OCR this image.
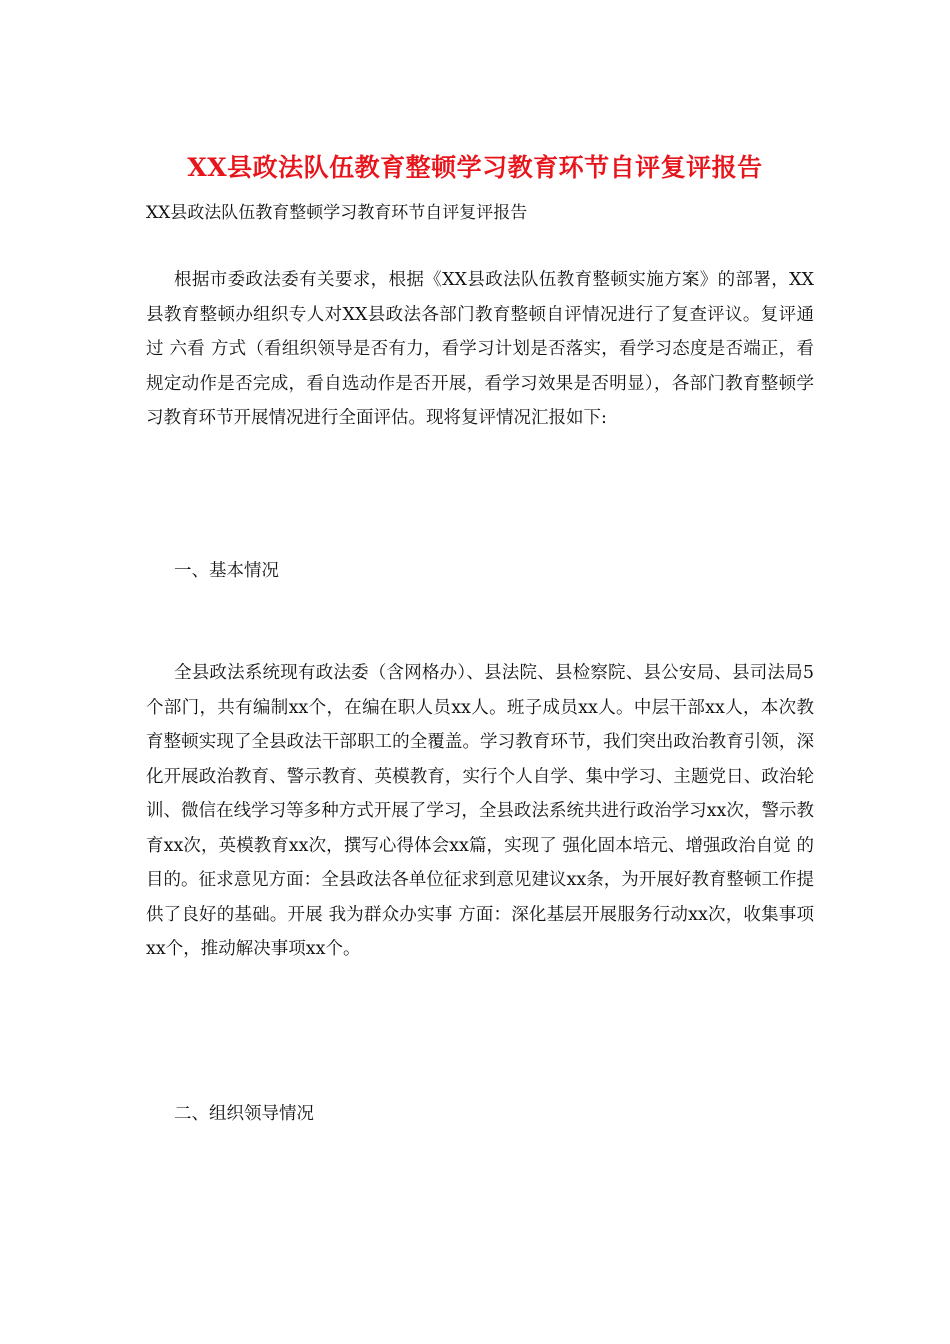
XX县政法队伍教育整顿学习教育环节自评复评报告
XX县政法队伍教育整顿学习教育环节自评复评报告

根据市委政法委有关要求，根据《XX县政法队伍教育整顿实施方案》的部署，XX县教育整顿办组织专人对XX县政法各部门教育整顿自评情况进行了复查评议。复评通过 六看 方式（看组织领导是否有力，看学习计划是否落实，看学习态度是否端正，看规定动作是否完成，看自选动作是否开展，看学习效果是否明显），各部门教育整顿学习教育环节开展情况进行全面评估。现将复评情况汇报如下:

一、基本情况

全县政法系统现有政法委（含网格办）、县法院、县检察院、县公安局、县司法局5个部门，共有编制xx个，在编在职人员xx人。班子成员xx人。中层干部xx人，本次教育整顿实现了全县政法干部职工的全覆盖。学习教育环节，我们突出政治教育引领，深化开展政治教育、警示教育、英模教育，实行个人自学、集中学习、主题党日、政治轮训、微信在线学习等多种方式开展了学习，全县政法系统共进行政治学习xx次，警示教育xx次，英模教育xx次，撰写心得体会xx篇，实现了 强化固本培元、增强政治自觉 的目的。征求意见方面：全县政法各单位征求到意见建议xx条，为开展好教育整顿工作提供了良好的基础。开展 我为群众办实事 方面：深化基层开展服务行动xx次，收集事项xx个，推动解决事项xx个。

二、组织领导情况
